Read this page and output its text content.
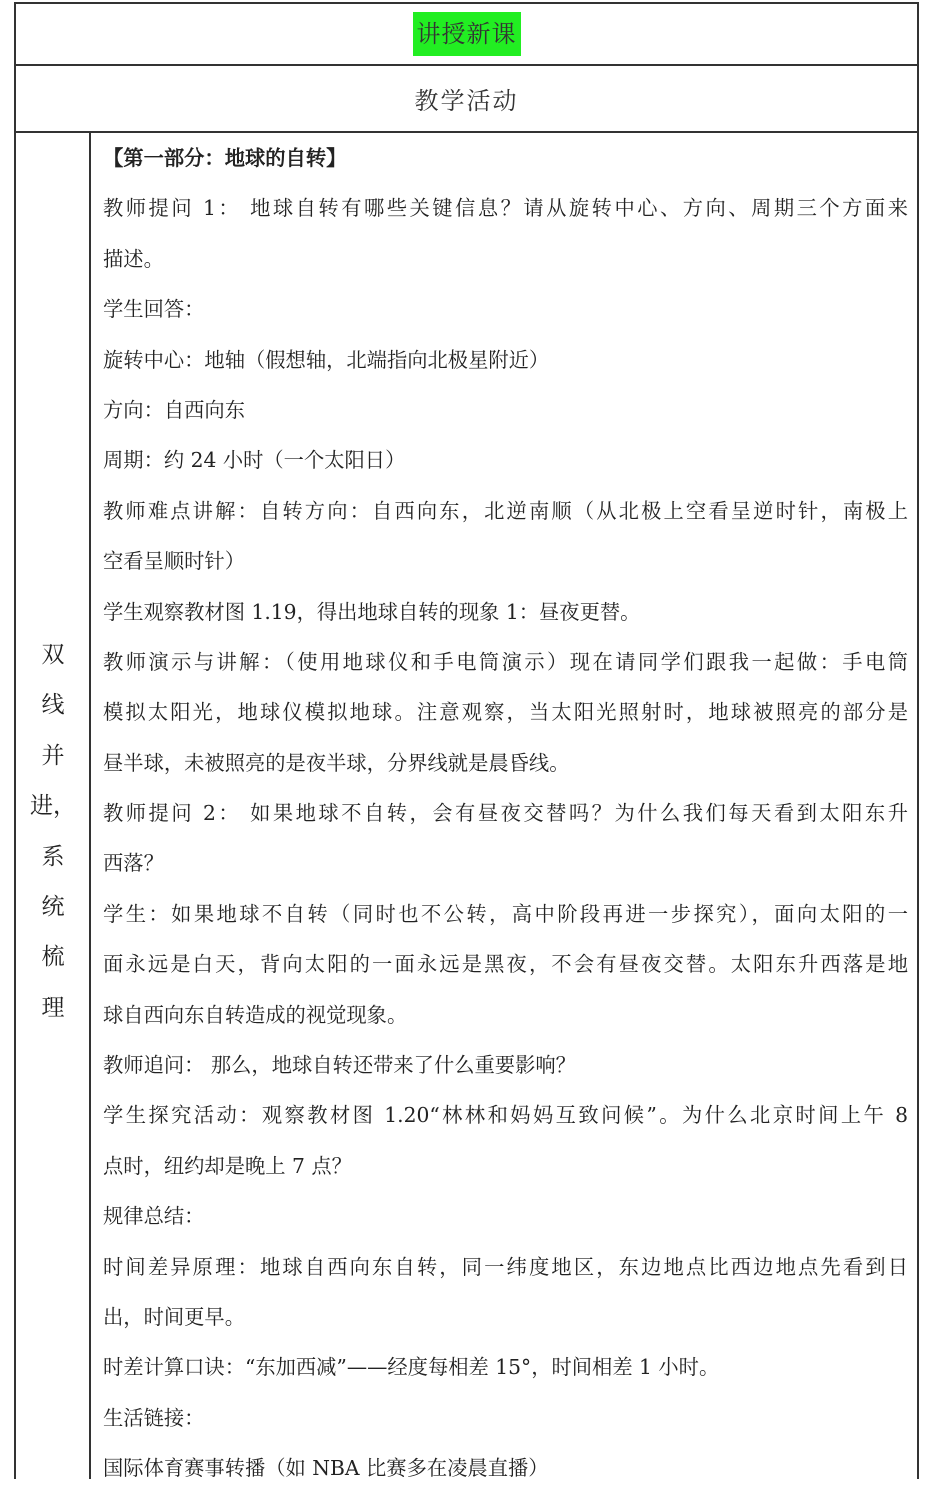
讲授新课
教学活动
双
线
并
进，
系
统
梳
理
【第一部分：地球的自转】
教师提问 1： 地球自转有哪些关键信息？请从旋转中心、方向、周期三个方面来
描述。
学生回答：
旋转中心：地轴（假想轴，北端指向北极星附近）
方向：自西向东
周期：约 24 小时（一个太阳日）
教师难点讲解：自转方向：自西向东，北逆南顺（从北极上空看呈逆时针，南极上
空看呈顺时针）
学生观察教材图 1.19，得出地球自转的现象 1：昼夜更替。
教师演示与讲解：（使用地球仪和手电筒演示）现在请同学们跟我一起做：手电筒
模拟太阳光，地球仪模拟地球。注意观察，当太阳光照射时，地球被照亮的部分是
昼半球，未被照亮的是夜半球，分界线就是晨昏线。
教师提问 2： 如果地球不自转，会有昼夜交替吗？为什么我们每天看到太阳东升
西落？
学生：如果地球不自转（同时也不公转，高中阶段再进一步探究），面向太阳的一
面永远是白天，背向太阳的一面永远是黑夜，不会有昼夜交替。太阳东升西落是地
球自西向东自转造成的视觉现象。
教师追问： 那么，地球自转还带来了什么重要影响？
学生探究活动：观察教材图 1.20“林林和妈妈互致问候”。为什么北京时间上午 8
点时，纽约却是晚上 7 点？
规律总结：
时间差异原理：地球自西向东自转，同一纬度地区，东边地点比西边地点先看到日
出，时间更早。
时差计算口诀：“东加西减”——经度每相差 15°，时间相差 1 小时。
生活链接：
国际体育赛事转播（如 NBA 比赛多在凌晨直播）
